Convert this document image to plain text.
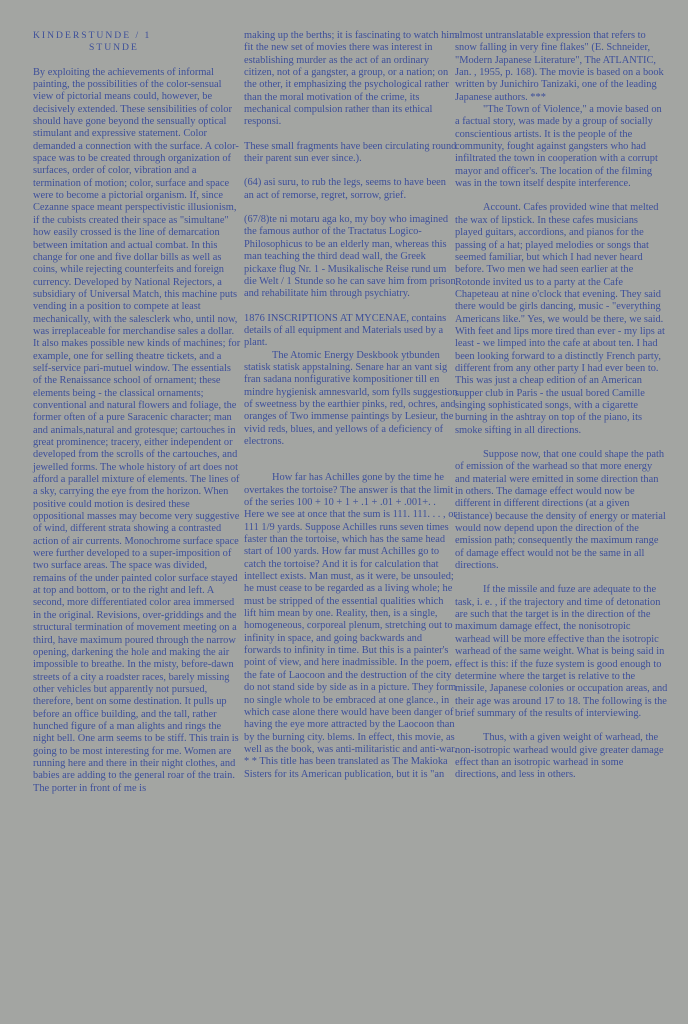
KINDERSTUNDE / 1

STUNDE

By exploiting the achievements of informal painting, the possibilities of the color-sensual view of pictorial means could, however, be decisively extended. These sensibilities of color should have gone beyond the sensually optical stimulant and expressive statement. Color demanded a connection with the surface. A color-space was to be created through organization of surfaces, order of color, vibration and a termination of motion; color, surface and space were to become a pictorial organism. If, since Cezanne space meant perspectivistic illusionism, if the cubists created their space as "simultane" how easily crossed is the line of demarcation between imitation and actual combat. In this change for one and five dollar bills as well as coins, while rejecting counterfeits and foreign currency. Developed by National Rejectors, a subsidiary of Universal Match, this machine puts vending in a position to compete at least mechanically, with the salesclerk who, until now, was irreplaceable for merchandise sales a dollar. It also makes possible new kinds of machines; for example, one for selling theatre tickets, and a self-service pari-mutuel window. The essentials of the Renaissance school of ornament; these elements being - the classical ornaments; conventional and natural flowers and foliage, the former often of a pure Saracenic character; man and animals,natural and grotesque; cartouches in great prominence; tracery, either independent or developed from the scrolls of the cartouches, and jewelled forms. The whole history of art does not afford a parallel mixture of elements. The lines of a sky, carrying the eye from the horizon. When positive could motion is desired these oppositional masses may become very suggestive of wind, different strata showing a contrasted action of air currents. Monochrome surface space were further developed to a super-imposition of two surface areas. The space was divided, remains of the under painted color surface stayed at top and bottom, or to the right and left. A second, more differentiated color area immersed in the original. Revisions, over-griddings and the structural termination of movement meeting on a third, have maximum poured through the narrow opening, darkening the hole and making the air impossible to breathe. In the misty, before-dawn streets of a city a roadster races, barely missing other vehicles but apparently not pursued, therefore, bent on some destination. It pulls up before an office building, and the tall, rather hunched figure of a man alights and rings the night bell. One arm seems to be stiff. This train is going to be most interesting for me. Women are running here and there in their night clothes, and babies are adding to the general roar of the train. The porter in front of me is

making up the berths; it is fascinating to watch him fit the new set of movies there was interest in establishing murder as the act of an ordinary citizen, not of a gangster, a group, or a nation; on the other, it emphasizing the psychological rather than the moral motivation of the crime, its mechanical compulsion rather than its ethical responsi.

These small fragments have been circulating round their parent sun ever since.).

(64) asi suru, to rub the legs, seems to have been an act of remorse, regret, sorrow, grief.

(67/8)te ni motaru aga ko, my boy who imagined the famous author of the Tractatus Logico-Philosophicus to be an elderly man, whereas this man teaching the third dead wall, the Greek pickaxe flug Nr. 1 - Musikalische Reise rund um die Welt / 1 Stunde so he can save him from prison and rehabilitate him through psychiatry.

1876 INSCRIPTIONS AT MYCENAE, contains details of all equipment and Materials used by a plant.

The Atomic Energy Deskbook ytbunden statisk statisk appstalning. Senare har an vant sig fran sadana nonfigurative kompositioner till en mindre hygienisk amnesvarld, som fylls suggestion of sweetness by the earthier pinks, red, ochres, and oranges of Two immense paintings by Lesieur, the vivid reds, blues, and yellows of a deficiency of electrons.

How far has Achilles gone by the time he overtakes the tortoise? The answer is that the limit of the series 100 + 10 + 1 + .1 + .01 + .001+. . Here we see at once that the sum is 111. 111. . . , or 111 1/9 yards. Suppose Achilles runs seven times faster than the tortoise, which has the same head start of 100 yards. How far must Achilles go to catch the tortoise? And it is for calculation that intellect exists. Man must, as it were, be unsouled; he must cease to be regarded as a living whole; he must be stripped of the essential qualities which lift him mean by one. Reality, then, is a single, homogeneous, corporeal plenum, stretching out to infinity in space, and going backwards and forwards to infinity in time. But this is a painter's point of view, and here inadmissible. In the poem, the fate of Laocoon and the destruction of the city do not stand side by side as in a picture. They form no single whole to be embraced at one glance., in which case alone there would have been danger of having the eye more attracted by the Laocoon than by the burning city. blems. In effect, this movie, as well as the book, was anti-militaristic and anti-war. * * This title has been translated as The Makioka Sisters for its American publication, but it is "an

almost untranslatable expression that refers to snow falling in very fine flakes" (E. Schneider, "Modern Japanese Literature", The ATLANTIC, Jan. , 1955, p. 168). The movie is based on a book written by Junichiro Tanizaki, one of the leading Japanese authors. ***

"The Town of Violence," a movie based on a factual story, was made by a group of socially conscientious artists. It is the people of the community, fought against gangsters who had infiltrated the town in cooperation with a corrupt mayor and officer's. The location of the filming was in the town itself despite interference.

Account. Cafes provided wine that melted the wax of lipstick. In these cafes musicians played guitars, accordions, and pianos for the passing of a hat; played melodies or songs that seemed familiar, but which I had never heard before. Two men we had seen earlier at the Rotonde invited us to a party at the Cafe Chapeteau at nine o'clock that evening. They said there would be girls dancing, music - "everything Americans like." Yes, we would be there, we said. With feet and lips more tired than ever - my lips at least - we limped into the cafe at about ten. I had been looking forward to a distinctly French party, different from any other party I had ever been to. This was just a cheap edition of an American supper club in Paris - the usual bored Camille singing sophisticated songs, with a cigarette burning in the ashtray on top of the piano, its smoke sifting in all directions.

Suppose now, that one could shape the path of emission of the warhead so that more energy and material were emitted in some direction than in others. The damage effect would now be different in different directions (at a given distance) because the density of energy or material would now depend upon the direction of the emission path; consequently the maximum range of damage effect would not be the same in all directions.

If the missile and fuze are adequate to the task, i. e. , if the trajectory and time of detonation are such that the target is in the direction of the maximum damage effect, the nonisotropic warhead will be more effective than the isotropic warhead of the same weight. What is being said in effect is this: if the fuze system is good enough to determine where the target is relative to the missile, Japanese colonies or occupation areas, and their age was around 17 to 18. The following is the brief summary of the results of interviewing.

Thus, with a given weight of warhead, the non-isotropic warhead would give greater damage effect than an isotropic warhead in some directions, and less in others.
